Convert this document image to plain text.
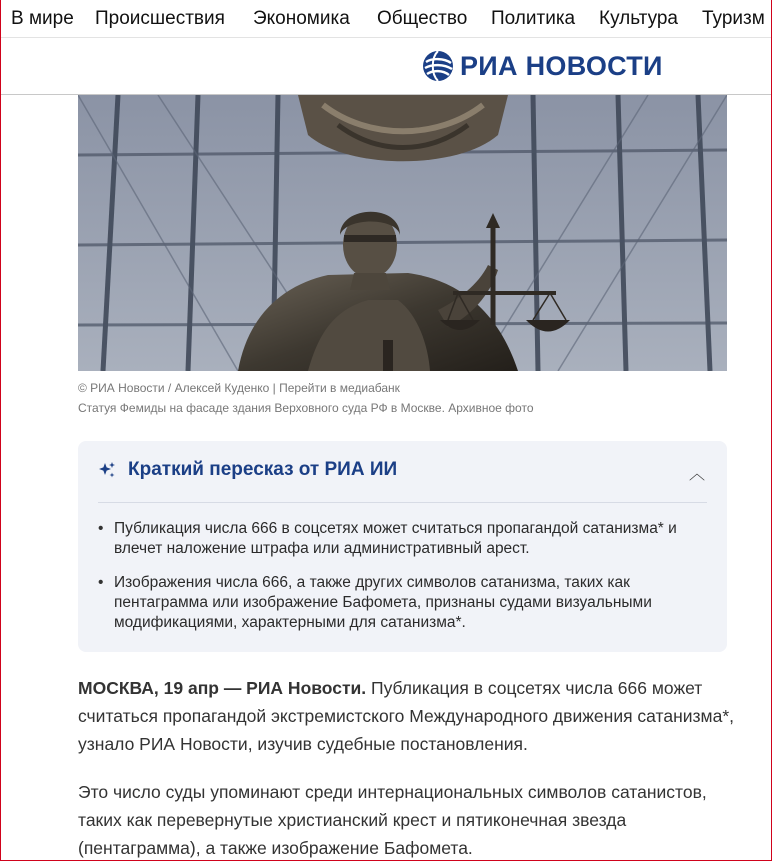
В мире Происшествия Экономика Общество Политика Культура Туризм
РИА НОВОСТИ
© РИА Новости / Алексей Куденко | Перейти в медиабанк
Статуя Фемиды на фасаде здания Верховного суда РФ в Москве. Архивное фото
Краткий пересказ от РИА ИИ	︿
• Публикация числа 666 в соцсетях может считаться пропагандой сатанизма* и влечет наложение штрафа или административный арест.
• Изображения числа 666, а также других символов сатанизма, таких как пентаграмма или изображение Бафомета, признаны судами визуальными модификациями, характерными для сатанизма*.

МОСКВА, 19 апр — РИА Новости. Публикация в соцсетях числа 666 может считаться пропагандой экстремистского Международного движения сатанизма*, узнало РИА Новости, изучив судебные постановления.

Это число суды упоминают среди интернациональных символов сатанистов, таких как перевернутые христианский крест и пятиконечная звезда (пентаграмма), а также изображение Бафомета.
